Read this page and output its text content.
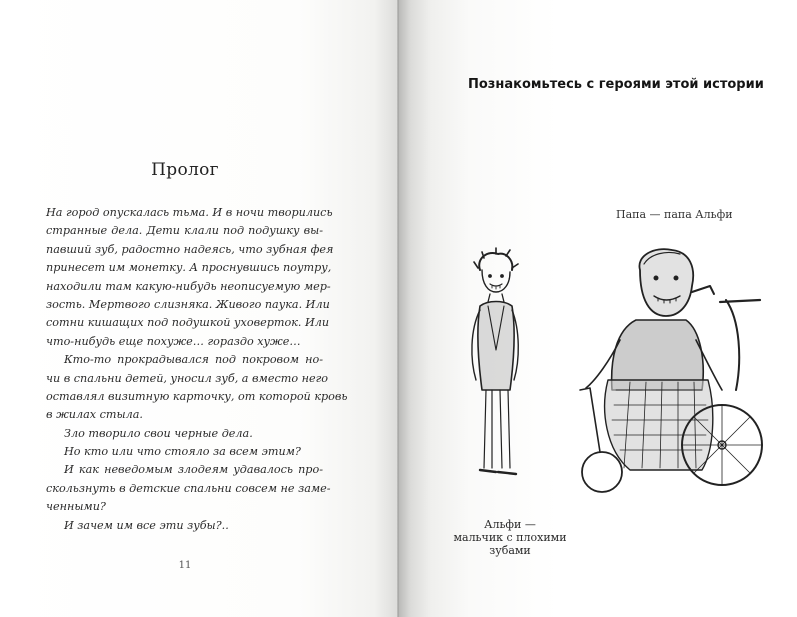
Пролог
На город опускалась тьма. И в ночи творились
странные дела. Дети клали под подушку вы-
павший зуб, радостно надеясь, что зубная фея
принесет им монетку. А проснувшись поутру,
находили там какую-нибудь неописуемую мер-
зость. Мертвого слизняка. Живого паука. Или
сотни кишащих под подушкой уховерток. Или
что-нибудь еще похуже… гораздо хуже…
Кто-то прокрадывался под покровом но-
чи в спальни детей, уносил зуб, а вместо него
оставлял визитную карточку, от которой кровь
в жилах стыла.
Зло творило свои черные дела.
Но кто или что стояло за всем этим?
И как неведомым злодеям удавалось про-
скользнуть в детские спальни совсем не заме-
ченными?
И зачем им все эти зубы?..
11
Познакомьтесь с героями этой истории
Папа — папа Альфи
Альфи —
мальчик с плохими
зубами
